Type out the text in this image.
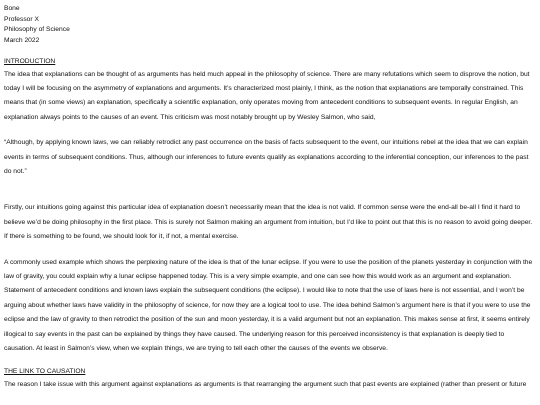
Bone
Professor X
Philosophy of Science
March 2022
INTRODUCTION

The idea that explanations can be thought of as arguments has held much appeal in the philosophy of science. There are many refutations which seem to disprove the notion, but
today I will be focusing on the asymmetry of explanations and arguments. It’s characterized most plainly, I think, as the notion that explanations are temporally constrained. This
means that (in some views) an explanation, specifically a scientific explanation, only operates moving from antecedent conditions to subsequent events. In regular English, an
explanation always points to the causes of an event. This criticism was most notably brought up by Wesley Salmon, who said,

“Although, by applying known laws, we can reliably retrodict any past occurrence on the basis of facts subsequent to the event, our intuitions rebel at the idea that we can explain
events in terms of subsequent conditions. Thus, although our inferences to future events qualify as explanations according to the inferential conception, our inferences to the past
do not.”

Firstly, our intuitions going against this particular idea of explanation doesn’t necessarily mean that the idea is not valid. If common sense were the end-all be-all I find it hard to
believe we’d be doing philosophy in the first place. This is surely not Salmon making an argument from intuition, but I’d like to point out that this is no reason to avoid going deeper.
If there is something to be found, we should look for it, if not, a mental exercise.

A commonly used example which shows the perplexing nature of the idea is that of the lunar eclipse. If you were to use the position of the planets yesterday in conjunction with the
law of gravity, you could explain why a lunar eclipse happened today. This is a very simple example, and one can see how this would work as an argument and explanation.
Statement of antecedent conditions and known laws explain the subsequent conditions (the eclipse). I would like to note that the use of laws here is not essential, and I won’t be
arguing about whether laws have validity in the philosophy of science, for now they are a logical tool to use. The idea behind Salmon’s argument here is that if you were to use the
eclipse and the law of gravity to then retrodict the position of the sun and moon yesterday, it is a valid argument but not an explanation. This makes sense at first, it seems entirely
illogical to say events in the past can be explained by things they have caused. The underlying reason for this perceived inconsistency is that explanation is deeply tied to
causation. At least in Salmon’s view, when we explain things, we are trying to tell each other the causes of the events we observe.

THE LINK TO CAUSATION

The reason I take issue with this argument against explanations as arguments is that rearranging the argument such that past events are explained (rather than present or future
